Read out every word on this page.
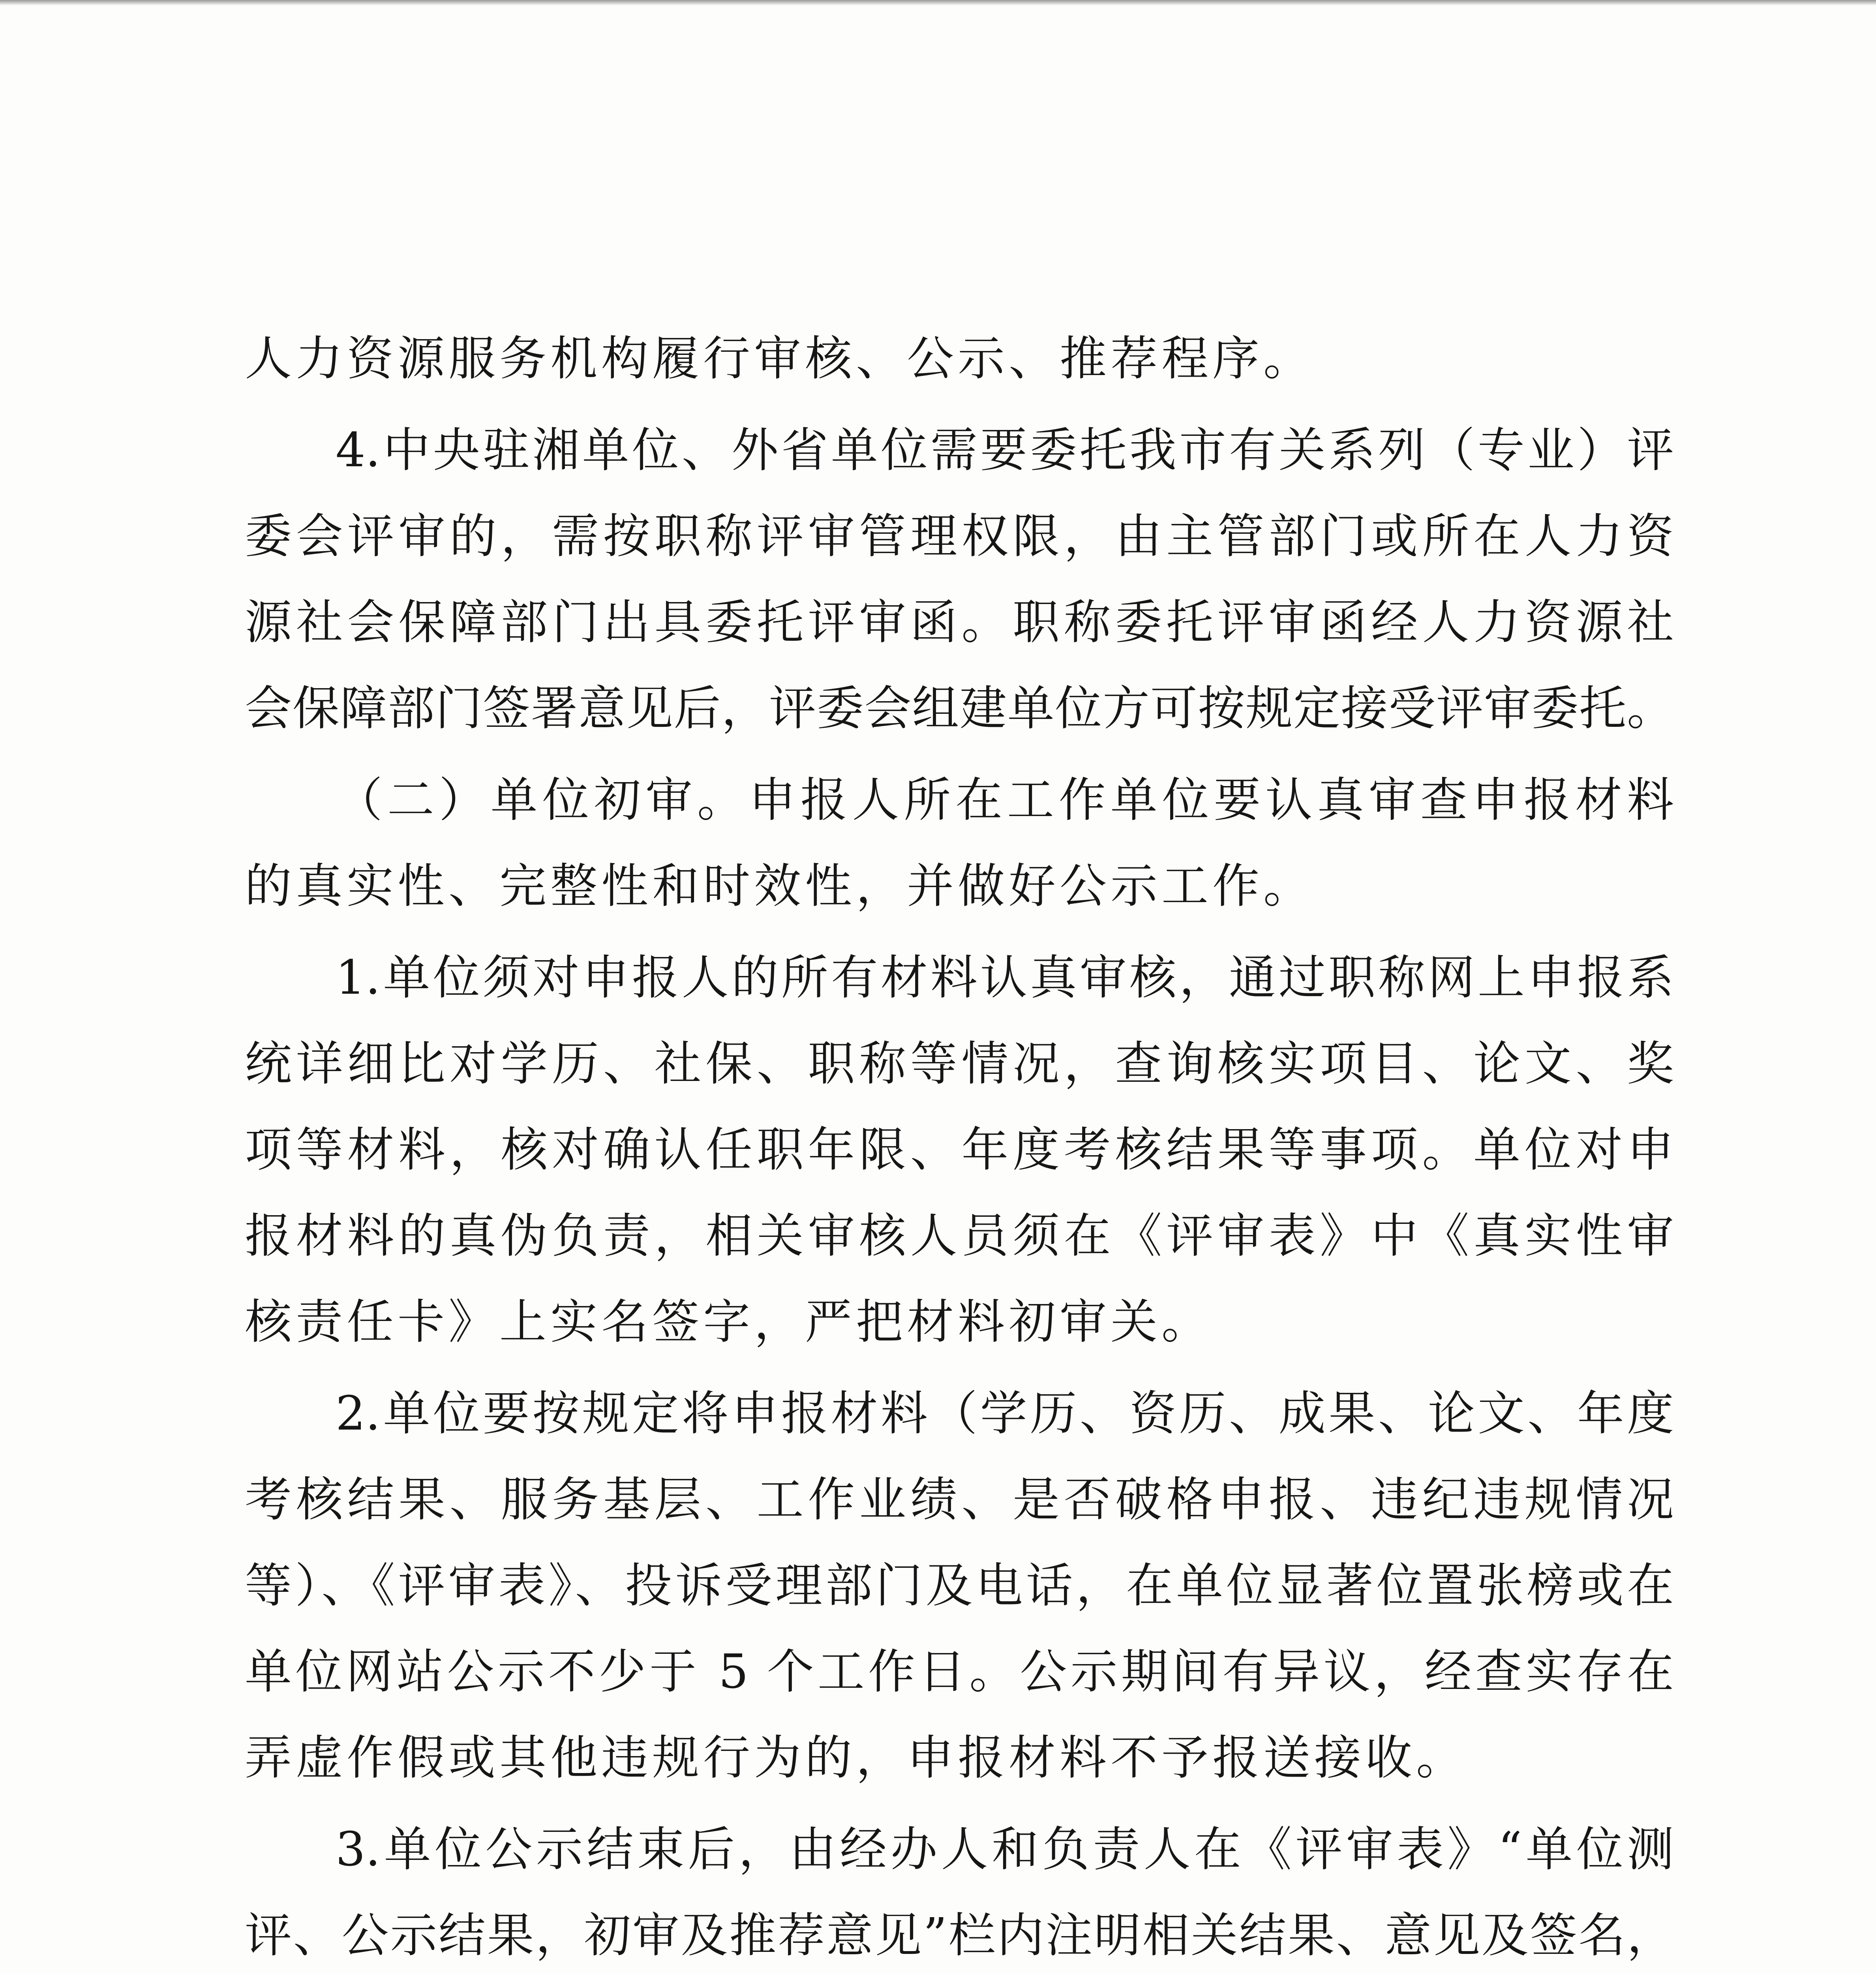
人力资源服务机构履行审核、公示、推荐程序。
4.中央驻湘单位、外省单位需要委托我市有关系列（专业）评
委会评审的，需按职称评审管理权限，由主管部门或所在人力资
源社会保障部门出具委托评审函。职称委托评审函经人力资源社
会保障部门签署意见后，评委会组建单位方可按规定接受评审委托。
（二）单位初审。申报人所在工作单位要认真审查申报材料
的真实性、完整性和时效性，并做好公示工作。
1.单位须对申报人的所有材料认真审核，通过职称网上申报系
统详细比对学历、社保、职称等情况，查询核实项目、论文、奖
项等材料，核对确认任职年限、年度考核结果等事项。单位对申
报材料的真伪负责，相关审核人员须在《评审表》中《真实性审
核责任卡》上实名签字，严把材料初审关。
2.单位要按规定将申报材料（学历、资历、成果、论文、年度
考核结果、服务基层、工作业绩、是否破格申报、违纪违规情况
等）、《评审表》、投诉受理部门及电话，在单位显著位置张榜或在
单位网站公示不少于 5 个工作日。公示期间有异议，经查实存在
弄虚作假或其他违规行为的，申报材料不予报送接收。
3.单位公示结束后，由经办人和负责人在《评审表》“单位测
评、公示结果，初审及推荐意见”栏内注明相关结果、意见及签名，
